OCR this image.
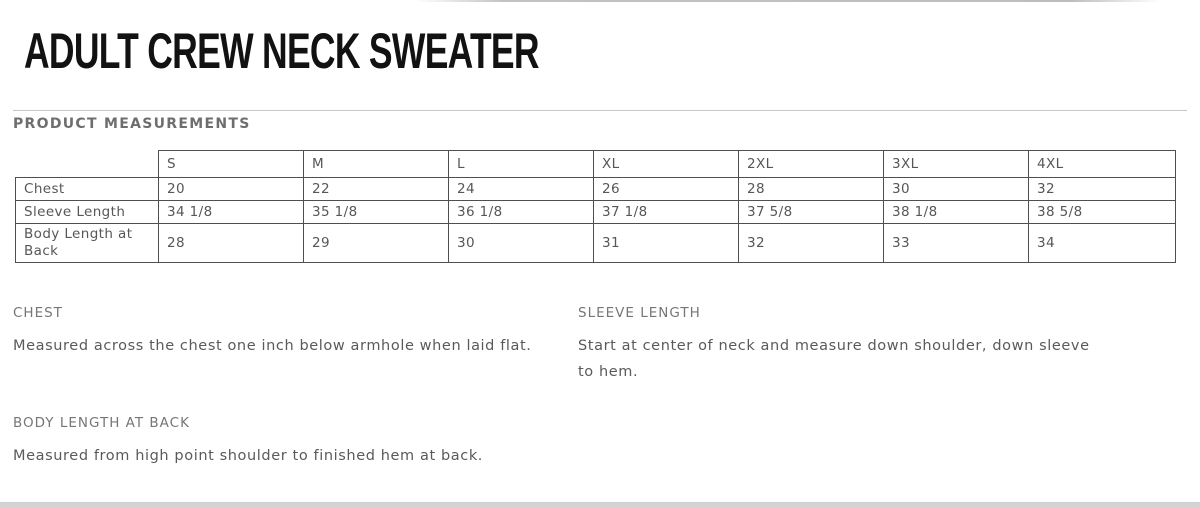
ADULT CREW NECK SWEATER
PRODUCT MEASUREMENTS
	S	M	L	XL	2XL	3XL	4XL
Chest	20	22	24	26	28	30	32
Sleeve Length	34 1/8	35 1/8	36 1/8	37 1/8	37 5/8	38 1/8	38 5/8
Body Length at Back	28	29	30	31	32	33	34
CHEST
Measured across the chest one inch below armhole when laid flat.
SLEEVE LENGTH
Start at center of neck and measure down shoulder, down sleeve to hem.
BODY LENGTH AT BACK
Measured from high point shoulder to finished hem at back.
